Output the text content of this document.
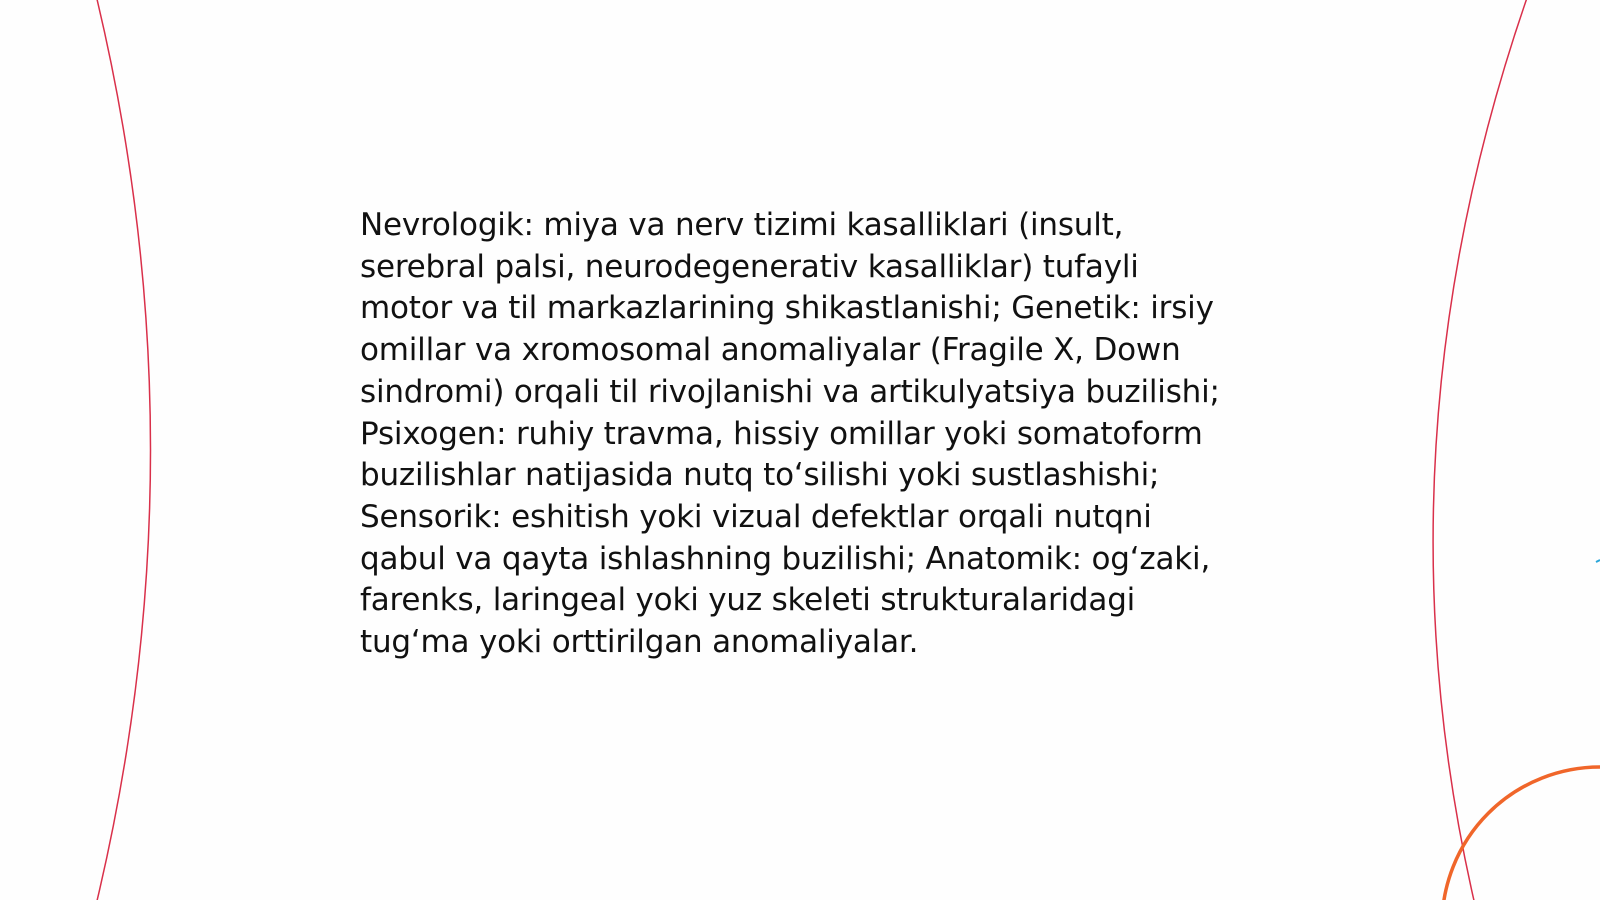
Nevrologik: miya va nerv tizimi kasalliklari (insult, serebral palsi, neurodegenerativ kasalliklar) tufayli motor va til markazlarining shikastlanishi; Genetik: irsiy omillar va xromosomal anomaliyalar (Fragile X, Down sindromi) orqali til rivojlanishi va artikulyatsiya buzilishi; Psixogen: ruhiy travma, hissiy omillar yoki somatoform buzilishlar natijasida nutq to‘silishi yoki sustlashishi; Sensorik: eshitish yoki vizual defektlar orqali nutqni qabul va qayta ishlashning buzilishi; Anatomik: og‘zaki, farenks, laringeal yoki yuz skeleti strukturalaridagi tug‘ma yoki orttirilgan anomaliyalar.
